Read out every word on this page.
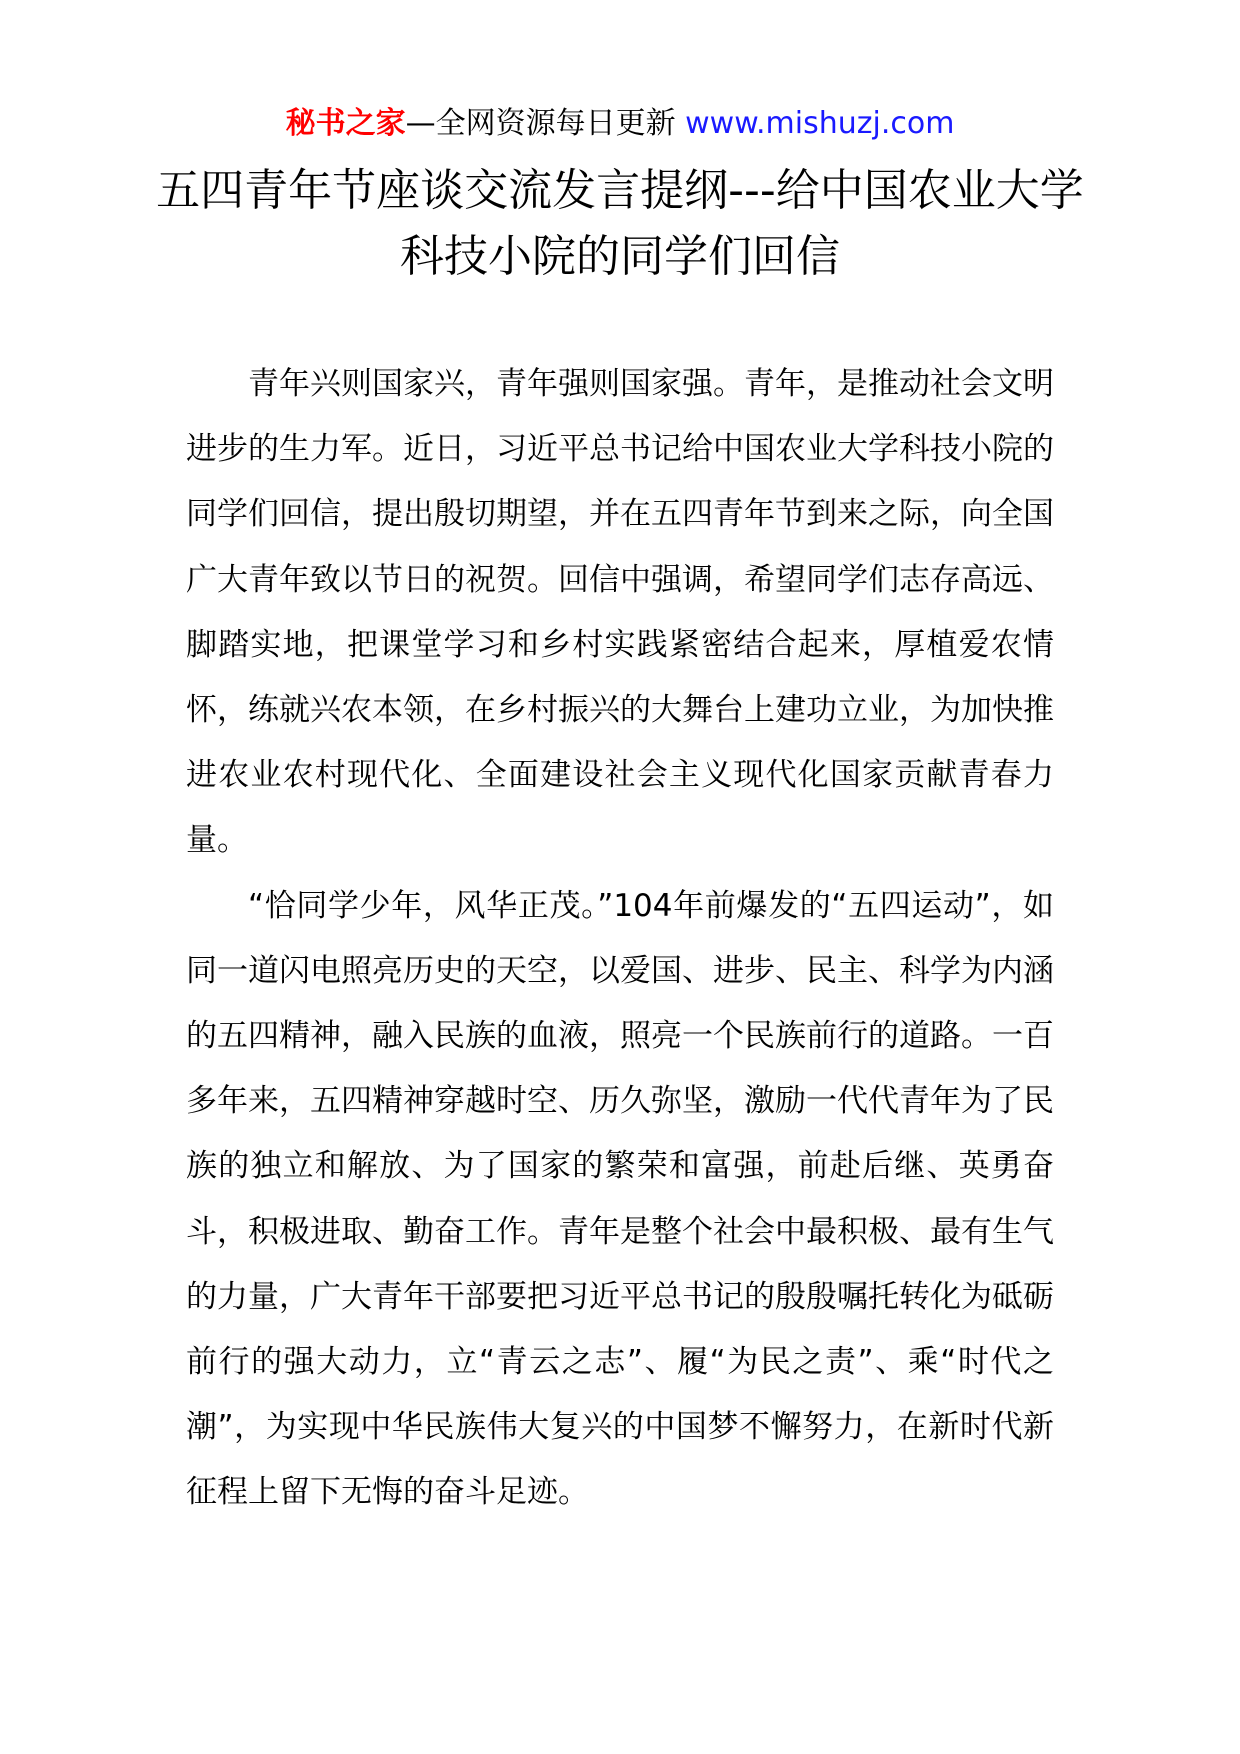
秘书之家—全网资源每日更新 www.mishuzj.com
五四青年节座谈交流发言提纲---给中国农业大学科技小院的同学们回信

青年兴则国家兴，青年强则国家强。青年，是推动社会文明进步的生力军。近日，习近平总书记给中国农业大学科技小院的同学们回信，提出殷切期望，并在五四青年节到来之际，向全国广大青年致以节日的祝贺。回信中强调，希望同学们志存高远、脚踏实地，把课堂学习和乡村实践紧密结合起来，厚植爱农情怀，练就兴农本领，在乡村振兴的大舞台上建功立业，为加快推进农业农村现代化、全面建设社会主义现代化国家贡献青春力量。

“恰同学少年，风华正茂。”104年前爆发的“五四运动”，如同一道闪电照亮历史的天空，以爱国、进步、民主、科学为内涵的五四精神，融入民族的血液，照亮一个民族前行的道路。一百多年来，五四精神穿越时空、历久弥坚，激励一代代青年为了民族的独立和解放、为了国家的繁荣和富强，前赴后继、英勇奋斗，积极进取、勤奋工作。青年是整个社会中最积极、最有生气的力量，广大青年干部要把习近平总书记的殷殷嘱托转化为砥砺前行的强大动力，立“青云之志”、履“为民之责”、乘“时代之潮”，为实现中华民族伟大复兴的中国梦不懈努力，在新时代新征程上留下无悔的奋斗足迹。
